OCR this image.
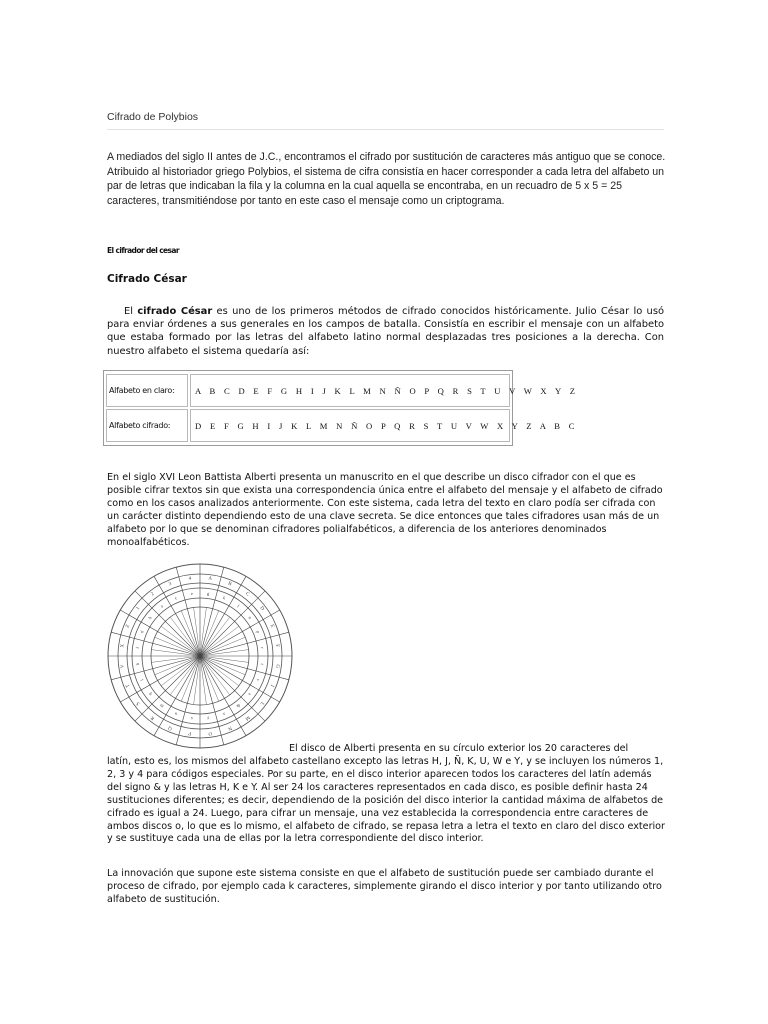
Cifrado de Polybios
A mediados del siglo II antes de J.C., encontramos el cifrado por sustitución de caracteres más antiguo que se conoce. Atribuido al historiador griego Polybios, el sistema de cifra consistía en hacer corresponder a cada letra del alfabeto un par de letras que indicaban la fila y la columna en la cual aquella se encontraba, en un recuadro de 5 x 5 = 25 caracteres, transmitiéndose por tanto en este caso el mensaje como un criptograma.
El cifrador del cesar
Cifrado César
El cifrado César es uno de los primeros métodos de cifrado conocidos históricamente. Julio César lo usó para enviar órdenes a sus generales en los campos de batalla. Consistía en escribir el mensaje con un alfabeto que estaba formado por las letras del alfabeto latino normal desplazadas tres posiciones a la derecha. Con nuestro alfabeto el sistema quedaría así:
Alfabeto en claro:	A B C D E F G H I J K L M N Ñ O P Q R S T U V W X Y Z
Alfabeto cifrado:	D E F G H I J K L M N Ñ O P Q R S T U V W X Y Z A B C
En el siglo XVI Leon Battista Alberti presenta un manuscrito en el que describe un disco cifrador con el que es posible cifrar textos sin que exista una correspondencia única entre el alfabeto del mensaje y el alfabeto de cifrado como en los casos analizados anteriormente. Con este sistema, cada letra del texto en claro podía ser cifrada con un carácter distinto dependiendo esto de una clave secreta. Se dice entonces que tales cifradores usan más de un alfabeto por lo que se denominan cifradores polialfabéticos, a diferencia de los anteriores denominados monoalfabéticos.
A
B
C
D
E
F
G
I
L
M
N
O
P
Q
R
S
T
V
X
Z
1
2
3
4
g
k
l
n
p
r
t
v
z
&
x
y
s
o
m
q
i
h
f
d
b
a
c
e
El disco de Alberti presenta en su círculo exterior los 20 caracteres del
latín, esto es, los mismos del alfabeto castellano excepto las letras H, J, Ñ, K, U, W e Y, y se incluyen los números 1, 2, 3 y 4 para códigos especiales. Por su parte, en el disco interior aparecen todos los caracteres del latín además del signo & y las letras H, K e Y. Al ser 24 los caracteres representados en cada disco, es posible definir hasta 24 sustituciones diferentes; es decir, dependiendo de la posición del disco interior la cantidad máxima de alfabetos de cifrado es igual a 24. Luego, para cifrar un mensaje, una vez establecida la correspondencia entre caracteres de ambos discos o, lo que es lo mismo, el alfabeto de cifrado, se repasa letra a letra el texto en claro del disco exterior y se sustituye cada una de ellas por la letra correspondiente del disco interior.
La innovación que supone este sistema consiste en que el alfabeto de sustitución puede ser cambiado durante el proceso de cifrado, por ejemplo cada k caracteres, simplemente girando el disco interior y por tanto utilizando otro alfabeto de sustitución.
